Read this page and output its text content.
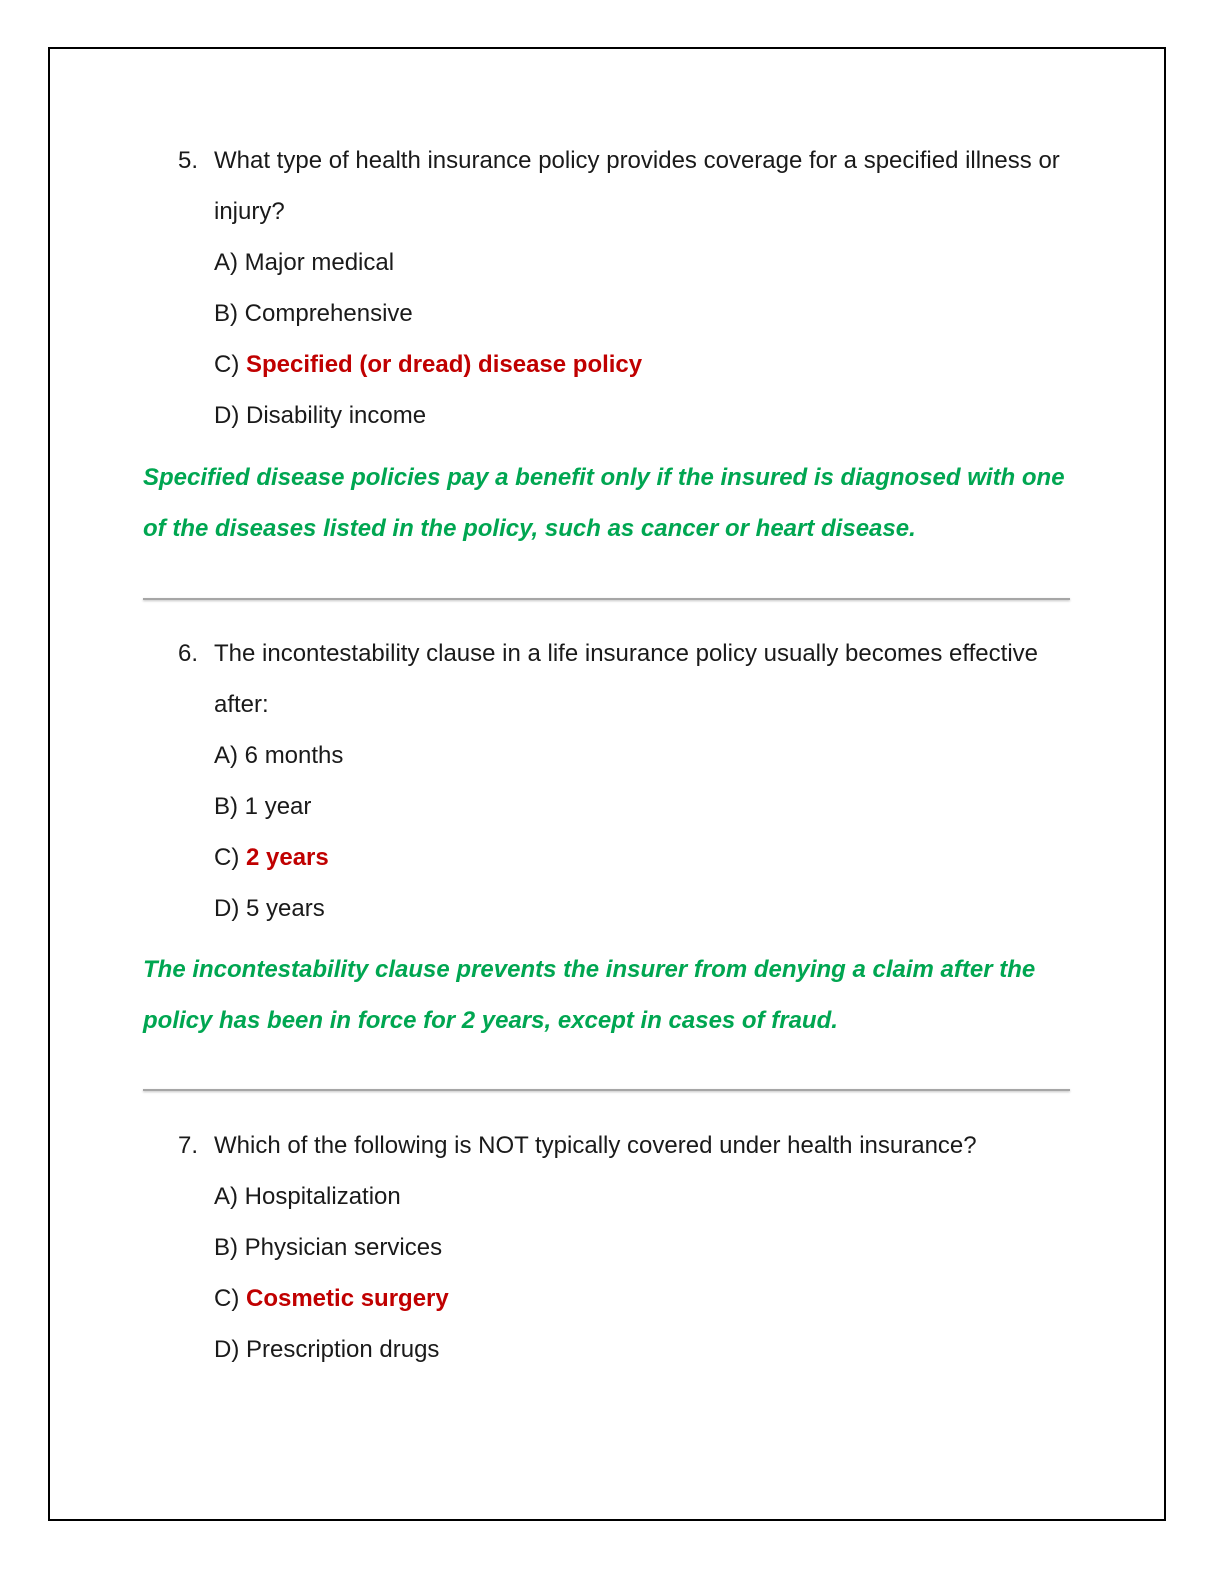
5. What type of health insurance policy provides coverage for a specified illness or injury?
A) Major medical
B) Comprehensive
C) Specified (or dread) disease policy
D) Disability income
Specified disease policies pay a benefit only if the insured is diagnosed with one of the diseases listed in the policy, such as cancer or heart disease.
6. The incontestability clause in a life insurance policy usually becomes effective after:
A) 6 months
B) 1 year
C) 2 years
D) 5 years
The incontestability clause prevents the insurer from denying a claim after the policy has been in force for 2 years, except in cases of fraud.
7. Which of the following is NOT typically covered under health insurance?
A) Hospitalization
B) Physician services
C) Cosmetic surgery
D) Prescription drugs
